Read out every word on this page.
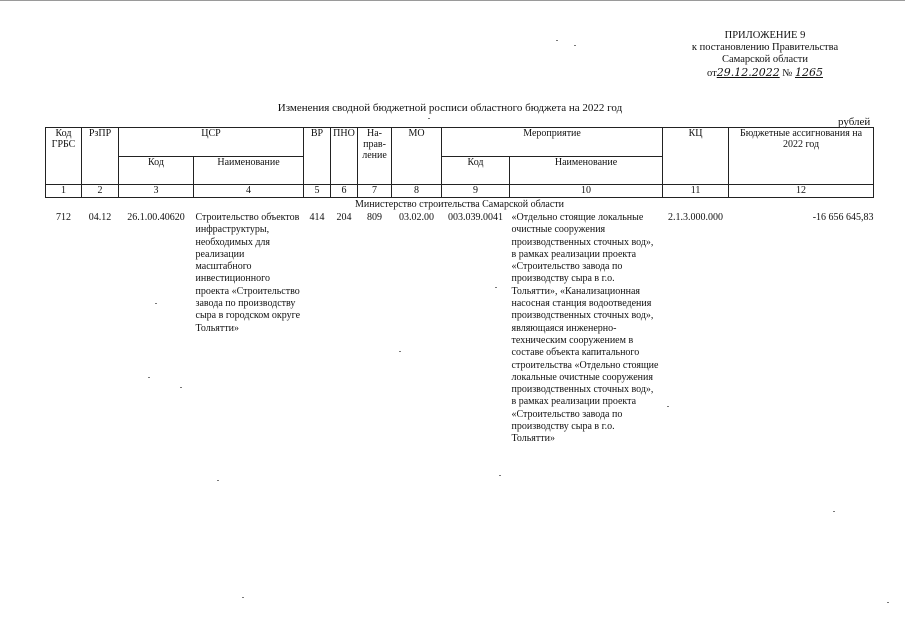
ПРИЛОЖЕНИЕ 9
к постановлению Правительства
Самарской области
от29.12.2022 № 1265
Изменения сводной бюджетной росписи областного бюджета на 2022 год
рублей
Код ГРБС	РзПР	ЦСР		ВР	ПНО	На-прав-ление	МО	Мероприятие		КЦ	Бюджетные ассигнования на 2022 год
		Код	Наименование					Код	Наименование		
1	2	3	4	5	6	7	8	9	10	11	12
Министерство строительства Самарской области											
712	04.12	26.1.00.40620	Строительство объектов инфраструктуры, необходимых для реализации масштабного инвестиционного проекта «Строительство завода по производству сыра в городском округе Тольятти»	414	204	809	03.02.00	003.039.0041	«Отдельно стоящие локальные очистные сооружения производственных сточных вод», в рамках реализации проекта «Строительство завода по производству сыра в г.о. Тольятти», «Канализационная насосная станция водоотведения производственных сточных вод», являющаяся инженерно-техническим сооружением в составе объекта капитального строительства «Отдельно стоящие локальные очистные сооружения производственных сточных вод», в рамках реализации проекта «Строительство завода по производству сыра в г.о. Тольятти»	2.1.3.000.000	-16 656 645,83
